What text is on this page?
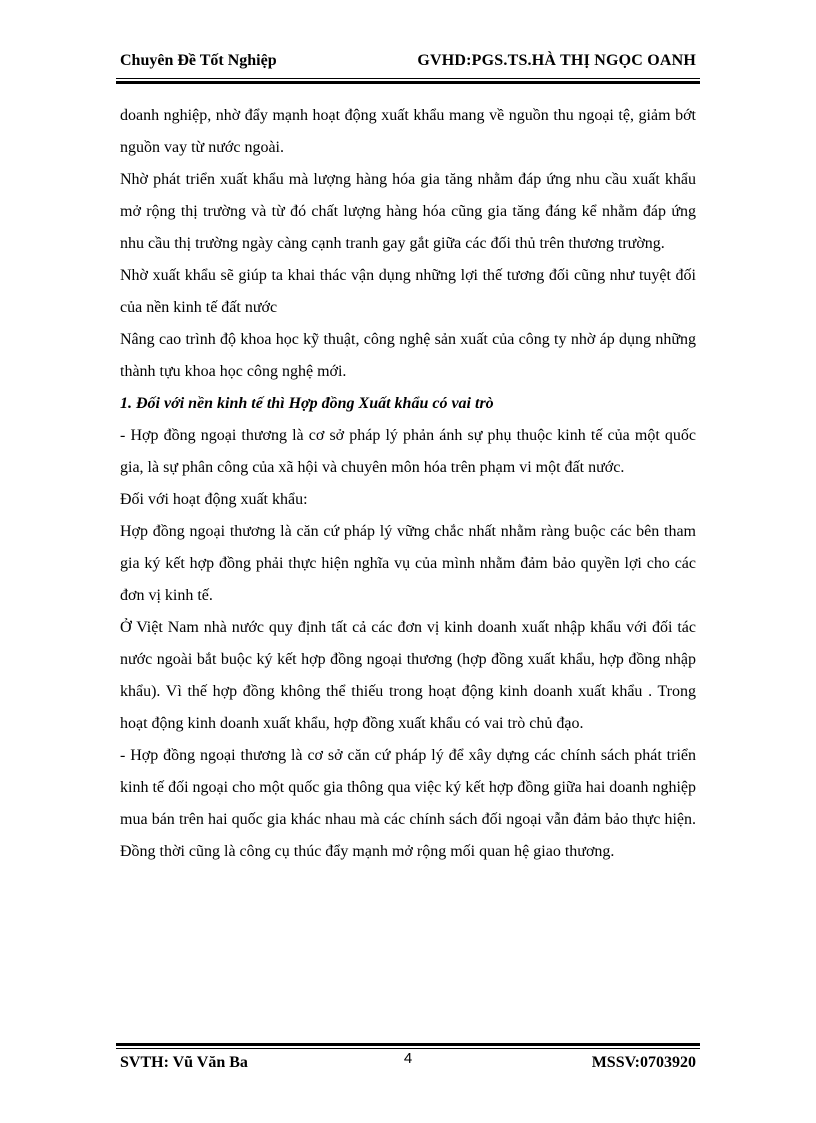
Chuyên Đề Tốt Nghiệp	GVHD:PGS.TS.HÀ THỊ NGỌC OANH

doanh nghiệp, nhờ đẩy mạnh hoạt động xuất khẩu mang về nguồn thu ngoại tệ, giảm bớt nguồn vay từ nước ngoài.

Nhờ phát triển xuất khẩu mà lượng hàng hóa gia tăng nhằm đáp ứng nhu cầu xuất khẩu mở rộng thị trường và từ đó chất lượng hàng hóa cũng gia tăng đáng kể nhằm đáp ứng nhu cầu thị trường ngày càng cạnh tranh gay gắt giữa các đối thủ trên thương trường.

Nhờ xuất khẩu sẽ giúp ta khai thác vận dụng những lợi thế tương đối cũng như tuyệt đối của nền kinh tế đất nước

Nâng cao trình độ khoa học kỹ thuật, công nghệ sản xuất của công ty nhờ áp dụng những thành tựu khoa học công nghệ mới.

1. Đối với nền kinh tế thì Hợp đồng Xuất khẩu có vai trò

- Hợp đồng ngoại thương là cơ sở pháp lý phản ánh sự phụ thuộc kinh tế của một quốc gia, là sự phân công của xã hội và chuyên môn hóa trên phạm vi một đất nước.

Đối với hoạt động xuất khẩu:

Hợp đồng ngoại thương là căn cứ pháp lý vững chắc nhất nhằm ràng buộc các bên tham gia ký kết hợp đồng phải thực hiện nghĩa vụ của mình nhằm đảm bảo quyền lợi cho các đơn vị kinh tế.

Ở Việt Nam nhà nước quy định tất cả các đơn vị kinh doanh xuất nhập khẩu với đối tác nước ngoài bắt buộc ký kết hợp đồng ngoại thương (hợp đồng xuất khẩu, hợp đồng nhập khẩu). Vì thế hợp đồng không thể thiếu trong hoạt động kinh doanh xuất khẩu . Trong hoạt động kinh doanh xuất khẩu, hợp đồng xuất khẩu có vai trò chủ đạo.

- Hợp đồng ngoại thương là cơ sở căn cứ pháp lý để xây dựng các chính sách phát triển kinh tế đối ngoại cho một quốc gia thông qua việc ký kết hợp đồng giữa hai doanh nghiệp mua bán trên hai quốc gia khác nhau mà các chính sách đối ngoại vẫn đảm bảo thực hiện. Đồng thời cũng là công cụ thúc đẩy mạnh mở rộng mối quan hệ giao thương.

SVTH: Vũ Văn Ba	4	MSSV:0703920
